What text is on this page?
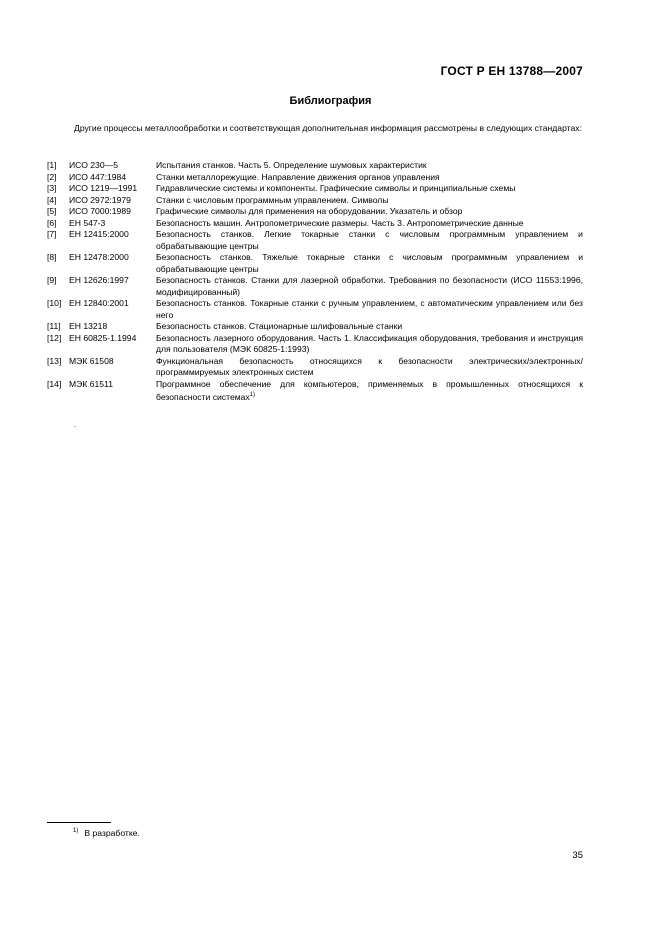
ГОСТ Р ЕН 13788—2007
Библиография
Другие процессы металлообработки и соответствующая дополнительная информация рассмотрены в следующих стандартах:
[1]	ИСО 230—5	Испытания станков. Часть 5. Определение шумовых характеристик
[2]	ИСО 447:1984	Станки металлорежущие. Направление движения органов управления
[3]	ИСО 1219—1991	Гидравлические системы и компоненты. Графические символы и принципиальные схемы
[4]	ИСО 2972:1979	Станки с числовым программным управлением. Символы
[5]	ИСО 7000:1989	Графические символы для применения на оборудовании. Указатель и обзор
[6]	ЕН 547-3	Безопасность машин. Антропометрические размеры. Часть 3. Антропометрические данные
[7]	ЕН 12415:2000	Безопасность станков. Легкие токарные станки с числовым программным управлением и обрабатывающие центры
[8]	ЕН 12478:2000	Безопасность станков. Тяжелые токарные станки с числовым программным управлением и обрабатывающие центры
[9]	ЕН 12626:1997	Безопасность станков. Станки для лазерной обработки. Требования по безопасности (ИСО 11553:1996, модифицированный)
[10] ЕН 12840:2001	Безопасность станков. Токарные станки с ручным управлением, с автоматическим управлением или без него
[11] ЕН 13218	Безопасность станков. Стационарные шлифовальные станки
[12] ЕН 60825-1.1994	Безопасность лазерного оборудования. Часть 1. Классификация оборудования, требования и инструкция для пользователя (МЭК 60825-1:1993)
[13] МЭК 61508	Функциональная безопасность относящихся к безопасности электрических/электронных/программируемых электронных систем
[14] МЭК 61511	Программное обеспечение для компьютеров, применяемых в промышленных относящихся к безопасности системах$^{1)}$
.
$^{1)}$ В разработке.
35
